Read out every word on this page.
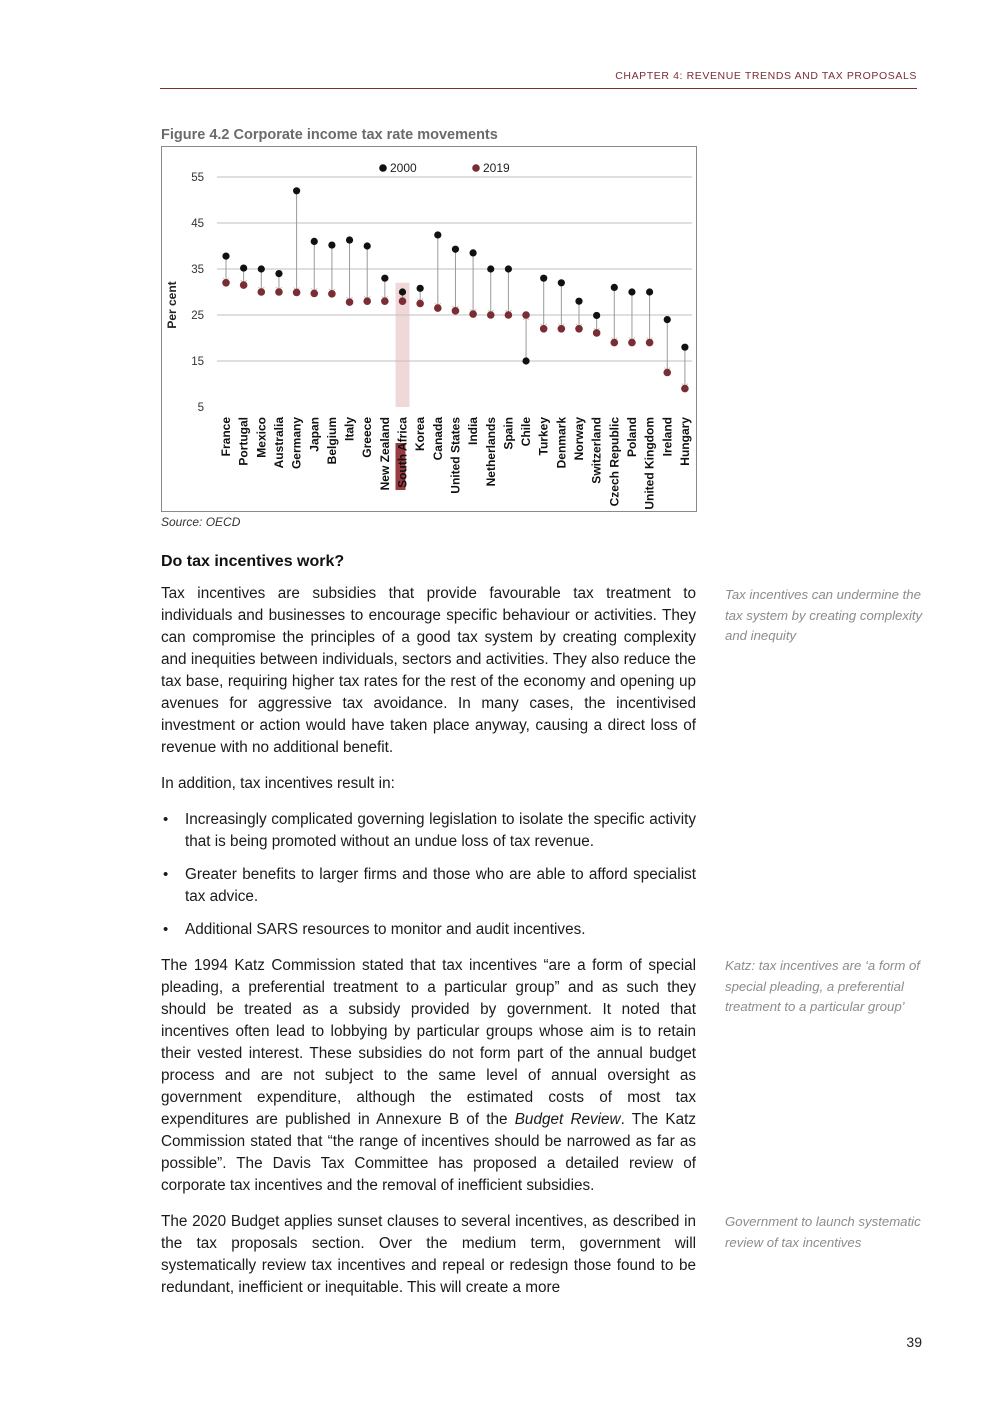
CHAPTER 4: REVENUE TRENDS AND TAX PROPOSALS
Figure 4.2 Corporate income tax rate movements
55
45
35
25
15
5
France Portugal Mexico Australia Germany Japan Belgium Italy Greece New Zealand South Africa Korea Canada United States India Netherlands Spain Chile Turkey Denmark Norway Switzerland Czech Republic Poland United Kingdom Ireland Hungary
2000	2019
Per cent
Source: OECD
Do tax incentives work?

Tax incentives are subsidies that provide favourable tax treatment to individuals and businesses to encourage specific behaviour or activities. They can compromise the principles of a good tax system by creating complexity and inequities between individuals, sectors and activities. They also reduce the tax base, requiring higher tax rates for the rest of the economy and opening up avenues for aggressive tax avoidance. In many cases, the incentivised investment or action would have taken place anyway, causing a direct loss of revenue with no additional benefit.

In addition, tax incentives result in:

• Increasingly complicated governing legislation to isolate the specific activity that is being promoted without an undue loss of tax revenue.
• Greater benefits to larger firms and those who are able to afford specialist tax advice.
• Additional SARS resources to monitor and audit incentives.

The 1994 Katz Commission stated that tax incentives “are a form of special pleading, a preferential treatment to a particular group” and as such they should be treated as a subsidy provided by government. It noted that incentives often lead to lobbying by particular groups whose aim is to retain their vested interest. These subsidies do not form part of the annual budget process and are not subject to the same level of annual oversight as government expenditure, although the estimated costs of most tax expenditures are published in Annexure B of the Budget Review. The Katz Commission stated that “the range of incentives should be narrowed as far as possible”. The Davis Tax Committee has proposed a detailed review of corporate tax incentives and the removal of inefficient subsidies.

The 2020 Budget applies sunset clauses to several incentives, as described in the tax proposals section. Over the medium term, government will systematically review tax incentives and repeal or redesign those found to be redundant, inefficient or inequitable. This will create a more

Tax incentives can undermine the tax system by creating complexity and inequity
Katz: tax incentives are ‘a form of special pleading, a preferential treatment to a particular group’
Government to launch systematic review of tax incentives
39
